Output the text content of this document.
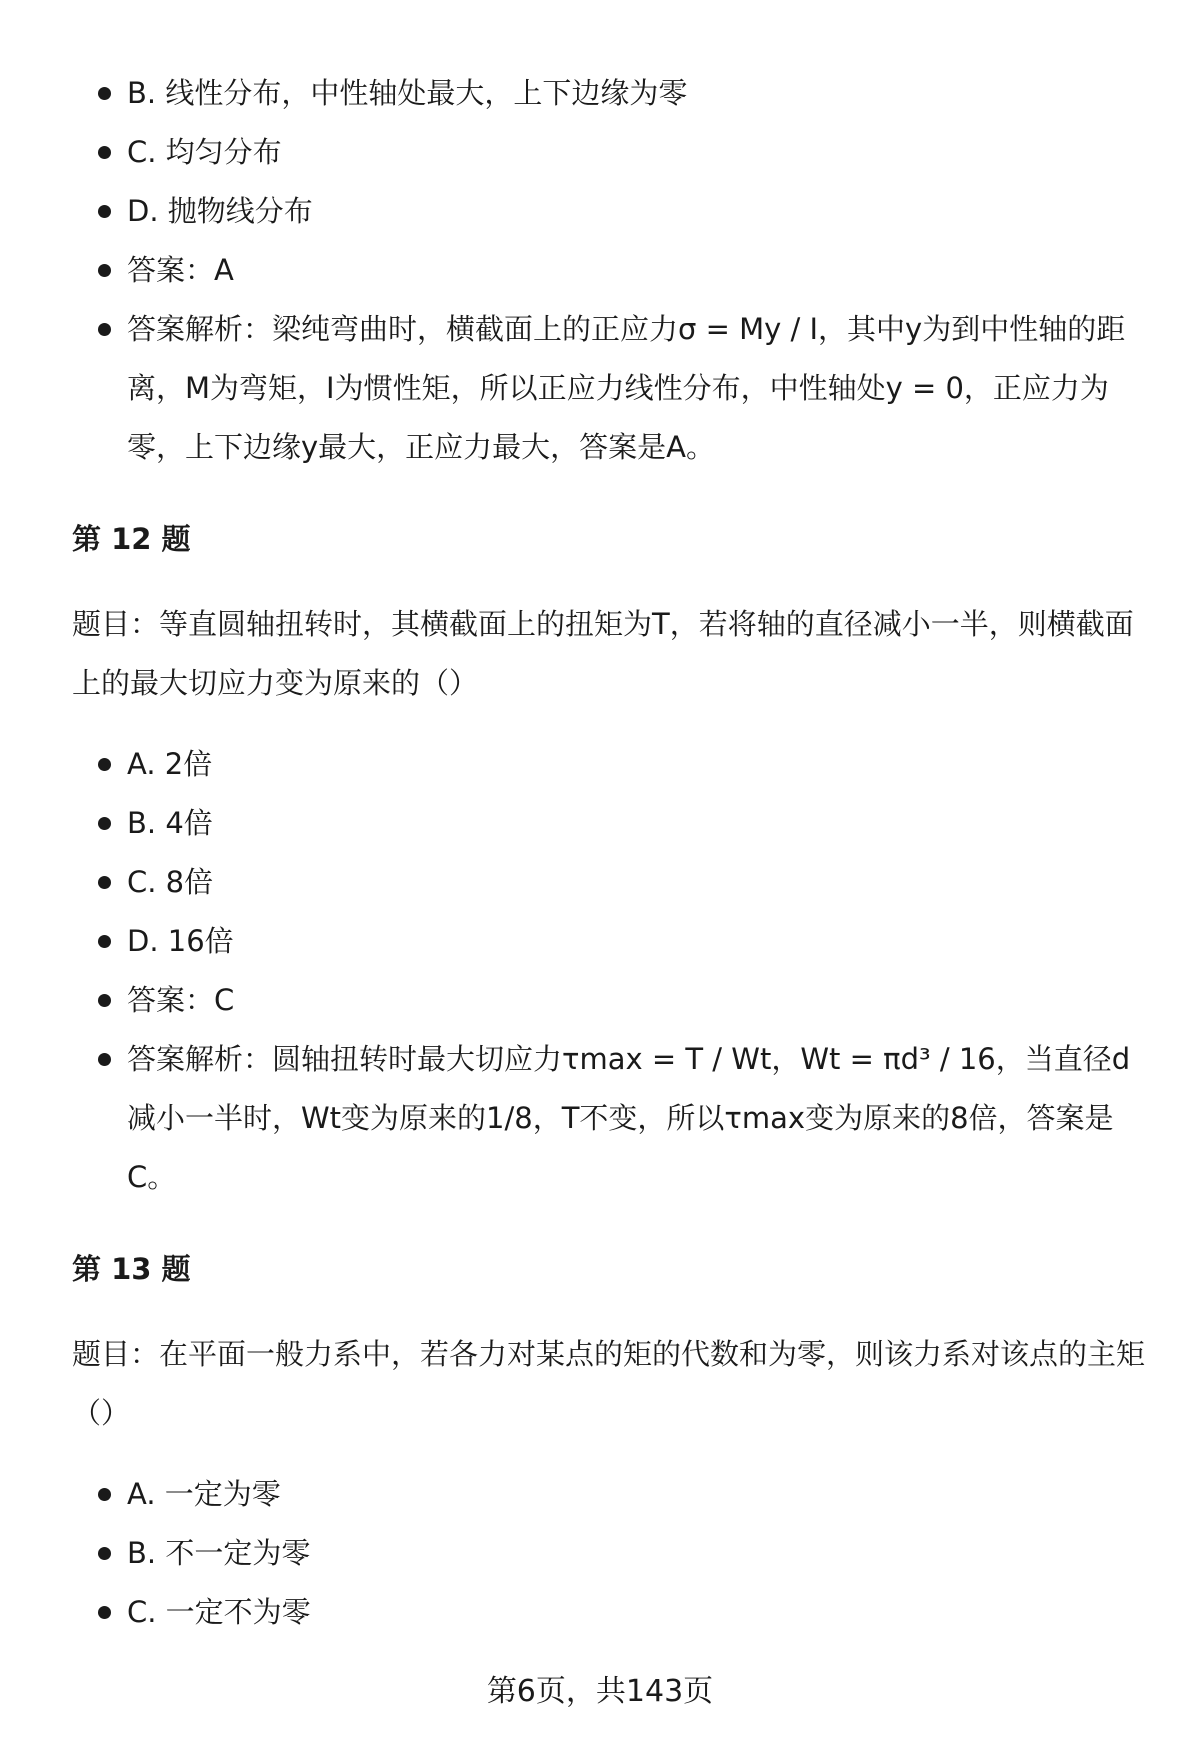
B. 线性分布，中性轴处最大，上下边缘为零
C. 均匀分布
D. 抛物线分布
答案：A
答案解析：梁纯弯曲时，横截面上的正应力σ = My / I，其中y为到中性轴的距离，M为弯矩，I为惯性矩，所以正应力线性分布，中性轴处y = 0，正应力为零，上下边缘y最大，正应力最大，答案是A。

第 12 题

题目：等直圆轴扭转时，其横截面上的扭矩为T，若将轴的直径减小一半，则横截面上的最大切应力变为原来的（）

A. 2倍
B. 4倍
C. 8倍
D. 16倍
答案：C
答案解析：圆轴扭转时最大切应力τmax = T / Wt，Wt = πd³ / 16，当直径d减小一半时，Wt变为原来的1/8，T不变，所以τmax变为原来的8倍，答案是C。

第 13 题

题目：在平面一般力系中，若各力对某点的矩的代数和为零，则该力系对该点的主矩（）

A. 一定为零
B. 不一定为零
C. 一定不为零
第6页，共143页
